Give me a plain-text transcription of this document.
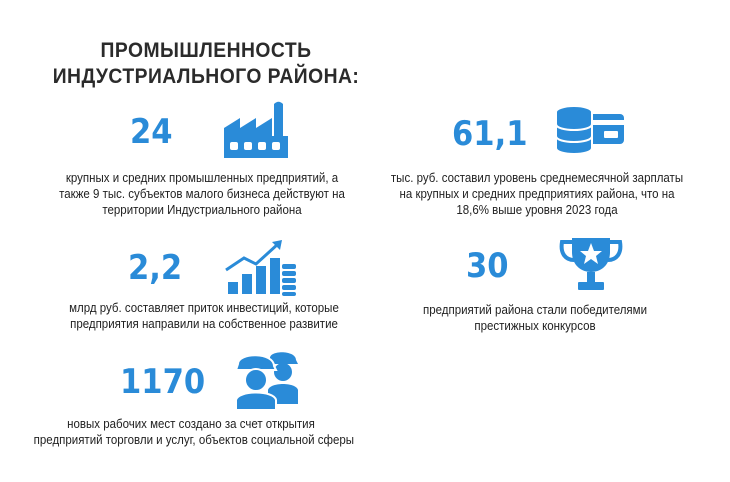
ПРОМЫШЛЕННОСТЬ
ИНДУСТРИАЛЬНОГО РАЙОНА:
24
крупных и средних промышленных предприятий, а
также 9 тыс. субъектов малого бизнеса действуют на
территории Индустриального района
2,2
млрд руб. составляет приток инвестиций, которые
предприятия направили на собственное развитие
1170
новых рабочих мест создано за счет открытия
предприятий торговли и услуг, объектов социальной сферы
61,1
тыс. руб. составил уровень среднемесячной зарплаты
на крупных и средних предприятиях района, что на
18,6% выше уровня 2023 года
30
предприятий района стали победителями
престижных конкурсов
